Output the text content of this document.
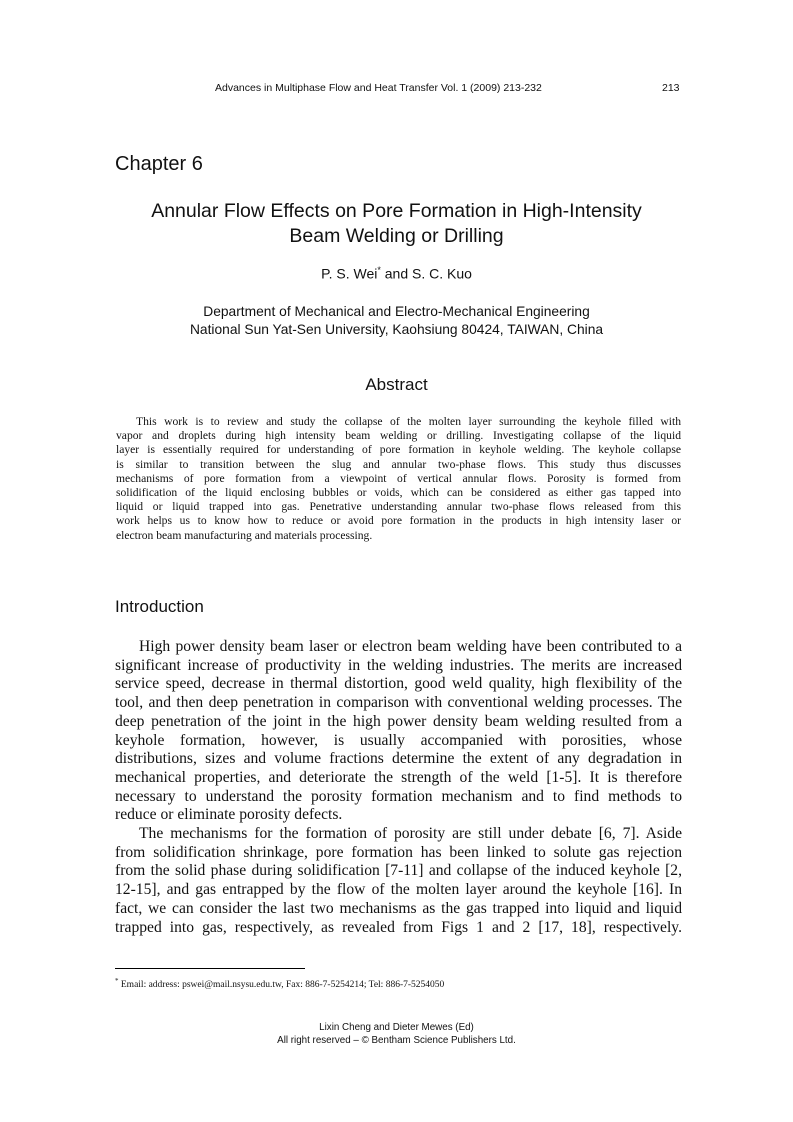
Advances in Multiphase Flow and Heat Transfer Vol. 1 (2009) 213-232	213
Chapter 6
Annular Flow Effects on Pore Formation in High-Intensity
Beam Welding or Drilling
P. S. Wei* and S. C. Kuo
Department of Mechanical and Electro-Mechanical Engineering
National Sun Yat-Sen University, Kaohsiung 80424, TAIWAN, China
Abstract
This work is to review and study the collapse of the molten layer surrounding the keyhole filled with
vapor and droplets during high intensity beam welding or drilling. Investigating collapse of the liquid
layer is essentially required for understanding of pore formation in keyhole welding. The keyhole collapse
is similar to transition between the slug and annular two-phase flows. This study thus discusses
mechanisms of pore formation from a viewpoint of vertical annular flows. Porosity is formed from
solidification of the liquid enclosing bubbles or voids, which can be considered as either gas tapped into
liquid or liquid trapped into gas. Penetrative understanding annular two-phase flows released from this
work helps us to know how to reduce or avoid pore formation in the products in high intensity laser or
electron beam manufacturing and materials processing.
Introduction
High power density beam laser or electron beam welding have been contributed to a
significant increase of productivity in the welding industries. The merits are increased
service speed, decrease in thermal distortion, good weld quality, high flexibility of the
tool, and then deep penetration in comparison with conventional welding processes. The
deep penetration of the joint in the high power density beam welding resulted from a
keyhole formation, however, is usually accompanied with porosities, whose
distributions, sizes and volume fractions determine the extent of any degradation in
mechanical properties, and deteriorate the strength of the weld [1-5]. It is therefore
necessary to understand the porosity formation mechanism and to find methods to
reduce or eliminate porosity defects.
The mechanisms for the formation of porosity are still under debate [6, 7]. Aside
from solidification shrinkage, pore formation has been linked to solute gas rejection
from the solid phase during solidification [7-11] and collapse of the induced keyhole [2,
12-15], and gas entrapped by the flow of the molten layer around the keyhole [16]. In
fact, we can consider the last two mechanisms as the gas trapped into liquid and liquid
trapped into gas, respectively, as revealed from Figs 1 and 2 [17, 18], respectively.
* Email: address: pswei@mail.nsysu.edu.tw, Fax: 886-7-5254214; Tel: 886-7-5254050
Lixin Cheng and Dieter Mewes (Ed)
All right reserved – © Bentham Science Publishers Ltd.
